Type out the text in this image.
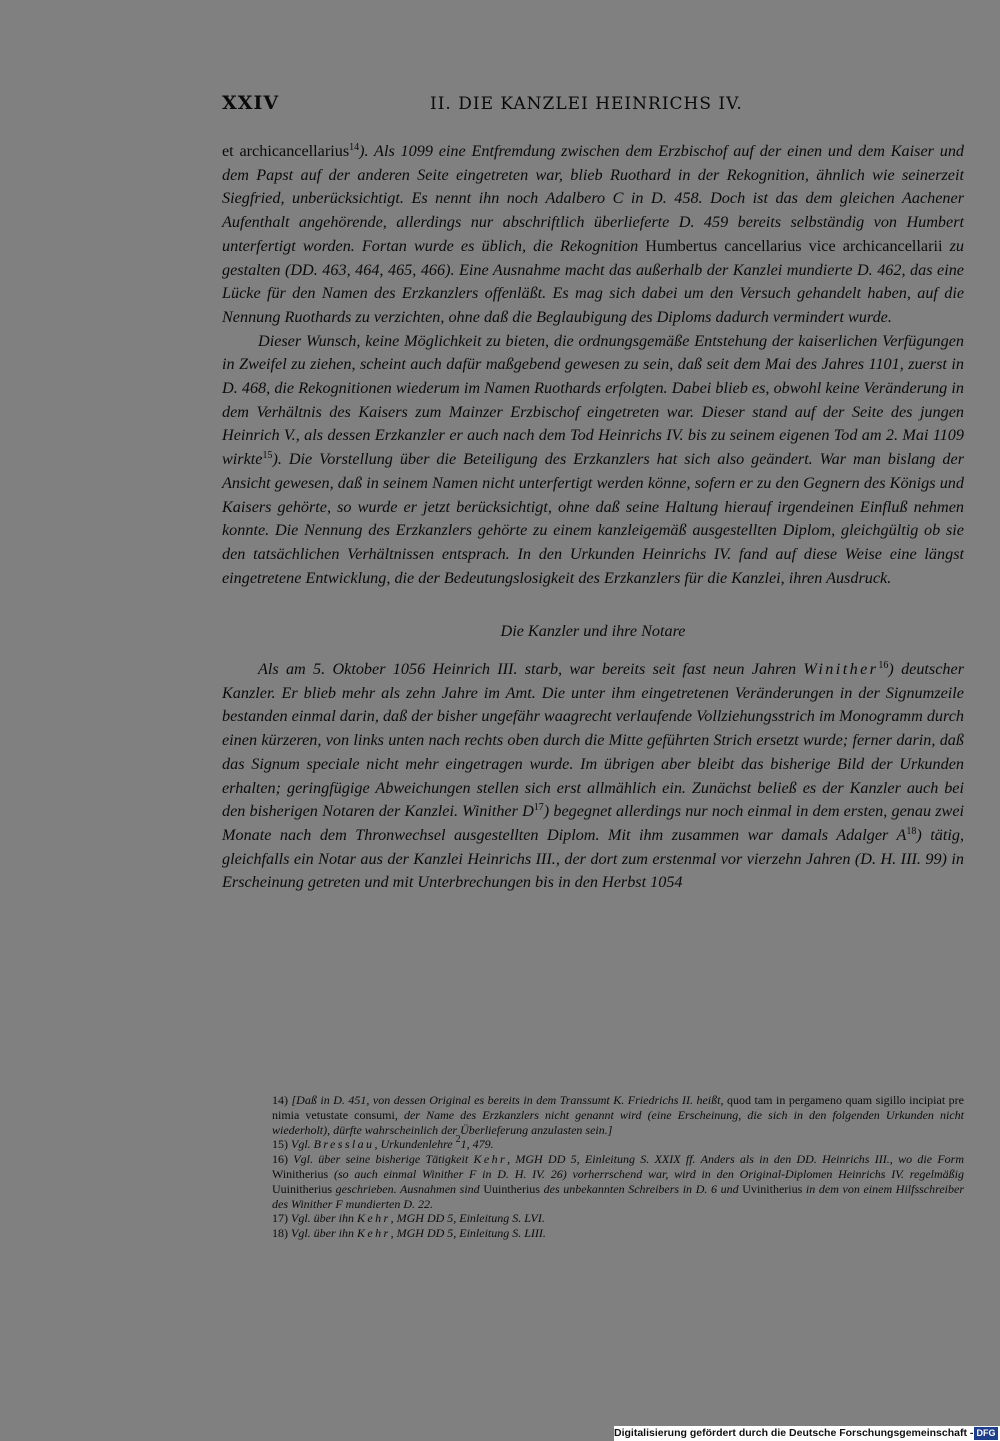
XXIV	II. DIE KANZLEI HEINRICHS IV.

et archicancellarius$^{14}$). Als 1099 eine Entfremdung zwischen dem Erzbischof auf der einen und dem Kaiser und dem Papst auf der anderen Seite eingetreten war, blieb Ruothard in der Rekognition, ähnlich wie seinerzeit Siegfried, unberücksichtigt. Es nennt ihn noch Adalbero C in D. 458. Doch ist das dem gleichen Aachener Aufenthalt angehörende, allerdings nur abschriftlich überlieferte D. 459 bereits selbständig von Humbert unterfertigt worden. Fortan wurde es üblich, die Rekognition Humbertus cancellarius vice archicancellarii zu gestalten (DD. 463, 464, 465, 466). Eine Ausnahme macht das außerhalb der Kanzlei mundierte D. 462, das eine Lücke für den Namen des Erzkanzlers offenläßt. Es mag sich dabei um den Versuch gehandelt haben, auf die Nennung Ruothards zu verzichten, ohne daß die Beglaubigung des Diploms dadurch vermindert wurde.

Dieser Wunsch, keine Möglichkeit zu bieten, die ordnungsgemäße Entstehung der kaiserlichen Verfügungen in Zweifel zu ziehen, scheint auch dafür maßgebend gewesen zu sein, daß seit dem Mai des Jahres 1101, zuerst in D. 468, die Rekognitionen wiederum im Namen Ruothards erfolgten. Dabei blieb es, obwohl keine Veränderung in dem Verhältnis des Kaisers zum Mainzer Erzbischof eingetreten war. Dieser stand auf der Seite des jungen Heinrich V., als dessen Erzkanzler er auch nach dem Tod Heinrichs IV. bis zu seinem eigenen Tod am 2. Mai 1109 wirkte$^{15}$). Die Vorstellung über die Beteiligung des Erzkanzlers hat sich also geändert. War man bislang der Ansicht gewesen, daß in seinem Namen nicht unterfertigt werden könne, sofern er zu den Gegnern des Königs und Kaisers gehörte, so wurde er jetzt berücksichtigt, ohne daß seine Haltung hierauf irgendeinen Einfluß nehmen konnte. Die Nennung des Erzkanzlers gehörte zu einem kanzleigemäß ausgestellten Diplom, gleichgültig ob sie den tatsächlichen Verhältnissen entsprach. In den Urkunden Heinrichs IV. fand auf diese Weise eine längst eingetretene Entwicklung, die der Bedeutungslosigkeit des Erzkanzlers für die Kanzlei, ihren Ausdruck.

Die Kanzler und ihre Notare

Als am 5. Oktober 1056 Heinrich III. starb, war bereits seit fast neun Jahren Winither$^{16}$) deutscher Kanzler. Er blieb mehr als zehn Jahre im Amt. Die unter ihm eingetretenen Veränderungen in der Signumzeile bestanden einmal darin, daß der bisher ungefähr waagrecht verlaufende Vollziehungsstrich im Monogramm durch einen kürzeren, von links unten nach rechts oben durch die Mitte geführten Strich ersetzt wurde; ferner darin, daß das Signum speciale nicht mehr eingetragen wurde. Im übrigen aber bleibt das bisherige Bild der Urkunden erhalten; geringfügige Abweichungen stellen sich erst allmählich ein. Zunächst beließ es der Kanzler auch bei den bisherigen Notaren der Kanzlei. Winither $D^{17}$) begegnet allerdings nur noch einmal in dem ersten, genau zwei Monate nach dem Thronwechsel ausgestellten Diplom. Mit ihm zusammen war damals Adalger $A^{18}$) tätig, gleichfalls ein Notar aus der Kanzlei Heinrichs III., der dort zum erstenmal vor vierzehn Jahren (D. H. III. 99) in Erscheinung getreten und mit Unterbrechungen bis in den Herbst 1054

14) [Daß in D. 451, von dessen Original es bereits in dem Transsumt K. Friedrichs II. heißt, quod tam in pergameno quam sigillo incipiat pre nimia vetustate consumi, der Name des Erzkanzlers nicht genannt wird (eine Erscheinung, die sich in den folgenden Urkunden nicht wiederholt), dürfte wahrscheinlich der Überlieferung anzulasten sein.]

15) Vgl. Bresslau, Urkundenlehre $^2$1, 479.

16) Vgl. über seine bisherige Tätigkeit Kehr, MGH DD 5, Einleitung S. XXIX ff. Anders als in den DD. Heinrichs III., wo die Form Winitherius (so auch einmal Winither F in D. H. IV. 26) vorherrschend war, wird in den Original-Diplomen Heinrichs IV. regelmäßig Uuinitherius geschrieben. Ausnahmen sind Uuintherius des unbekannten Schreibers in D. 6 und Uvinitherius in dem von einem Hilfsschreiber des Winither F mundierten D. 22.

17) Vgl. über ihn Kehr, MGH DD 5, Einleitung S. LVI.

18) Vgl. über ihn Kehr, MGH DD 5, Einleitung S. LIII.

Digitalisierung gefördert durch die Deutsche Forschungsgemeinschaft - DFG
